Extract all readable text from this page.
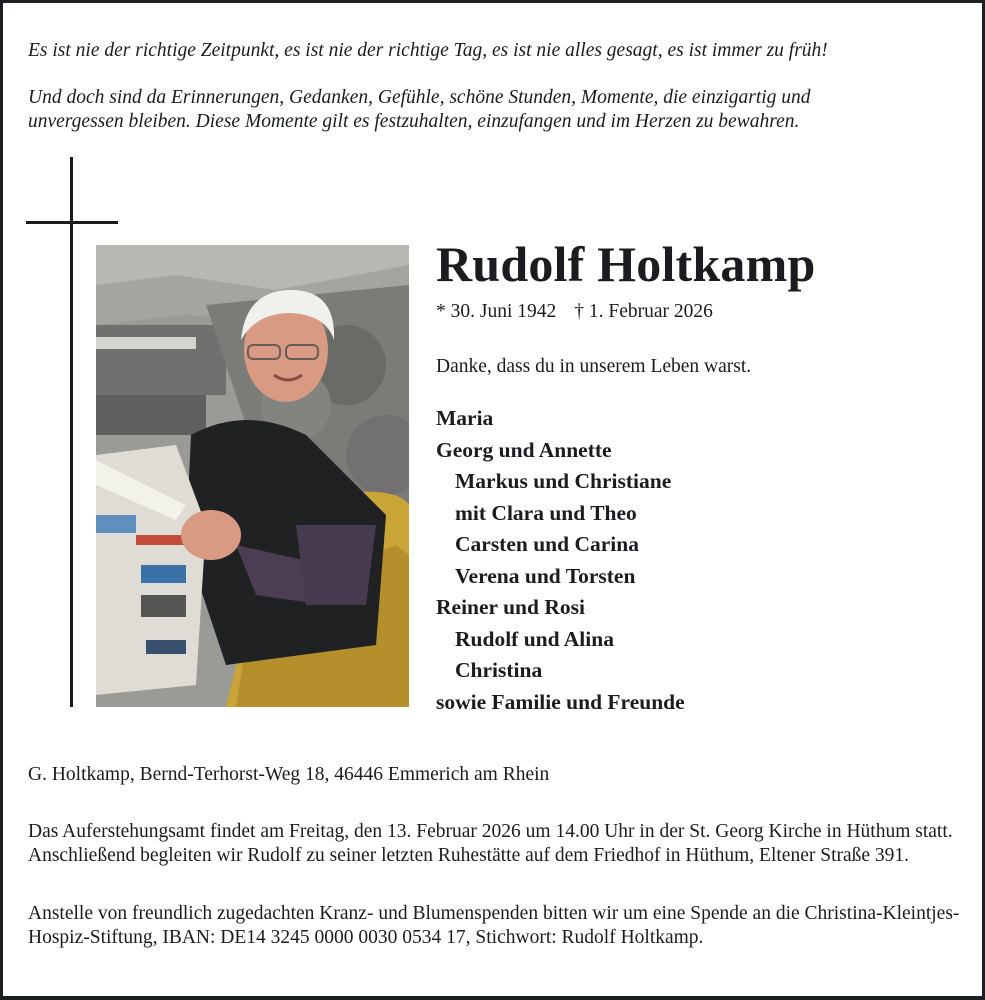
Es ist nie der richtige Zeitpunkt, es ist nie der richtige Tag, es ist nie alles gesagt, es ist immer zu früh!
Und doch sind da Erinnerungen, Gedanken, Gefühle, schöne Stunden, Momente, die einzigartig und
unvergessen bleiben. Diese Momente gilt es festzuhalten, einzufangen und im Herzen zu bewahren.
Rudolf Holtkamp
* 30. Juni 1942 † 1. Februar 2026
Danke, dass du in unserem Leben warst.
Maria
Georg und Annette
Markus und Christiane
mit Clara und Theo
Carsten und Carina
Verena und Torsten
Reiner und Rosi
Rudolf und Alina
Christina
sowie Familie und Freunde
G. Holtkamp, Bernd-Terhorst-Weg 18, 46446 Emmerich am Rhein
Das Auferstehungsamt findet am Freitag, den 13. Februar 2026 um 14.00 Uhr in der St. Georg Kirche in Hüthum statt. Anschließend begleiten wir Rudolf zu seiner letzten Ruhestätte auf dem Friedhof in Hüthum, Eltener Straße 391.
Anstelle von freundlich zugedachten Kranz- und Blumenspenden bitten wir um eine Spende an die Christina-Kleintjes-Hospiz-Stiftung, IBAN: DE14 3245 0000 0030 0534 17, Stichwort: Rudolf Holtkamp.
